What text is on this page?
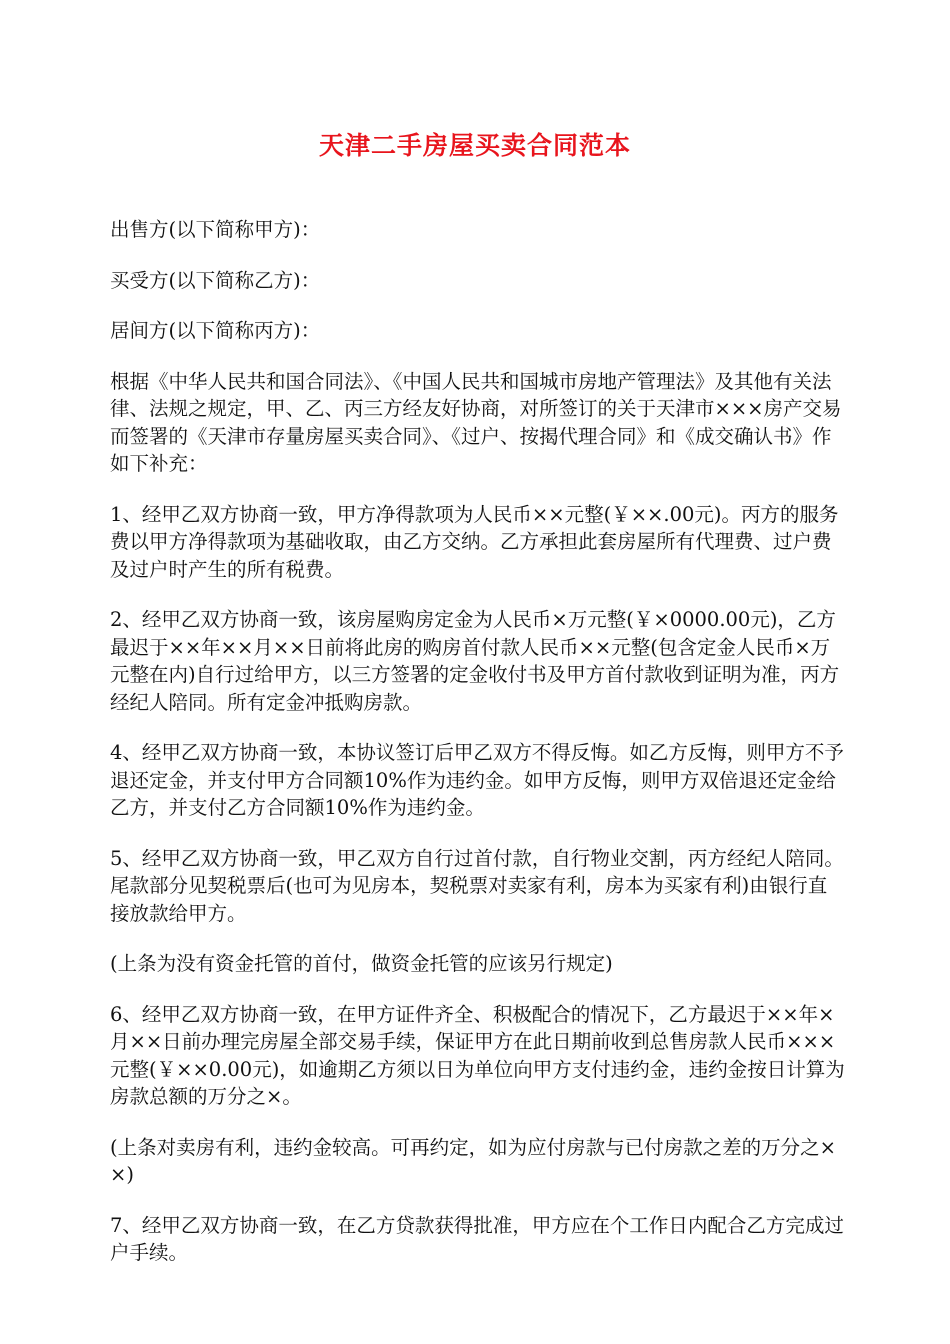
天津二手房屋买卖合同范本

出售方(以下简称甲方)：

买受方(以下简称乙方)：

居间方(以下简称丙方)：

根据《中华人民共和国合同法》、《中国人民共和国城市房地产管理法》及其他有关法律、法规之规定，甲、乙、丙三方经友好协商，对所签订的关于天津市×××房产交易而签署的《天津市存量房屋买卖合同》、《过户、按揭代理合同》和《成交确认书》作如下补充：

1、经甲乙双方协商一致，甲方净得款项为人民币××元整(￥××.00元)。丙方的服务费以甲方净得款项为基础收取，由乙方交纳。乙方承担此套房屋所有代理费、过户费及过户时产生的所有税费。

2、经甲乙双方协商一致，该房屋购房定金为人民币×万元整(￥×0000.00元)，乙方最迟于××年××月××日前将此房的购房首付款人民币××元整(包含定金人民币×万元整在内)自行过给甲方，以三方签署的定金收付书及甲方首付款收到证明为准，丙方经纪人陪同。所有定金冲抵购房款。

4、经甲乙双方协商一致，本协议签订后甲乙双方不得反悔。如乙方反悔，则甲方不予退还定金，并支付甲方合同额10%作为违约金。如甲方反悔，则甲方双倍退还定金给乙方，并支付乙方合同额10%作为违约金。

5、经甲乙双方协商一致，甲乙双方自行过首付款，自行物业交割，丙方经纪人陪同。尾款部分见契税票后(也可为见房本，契税票对卖家有利，房本为买家有利)由银行直接放款给甲方。

(上条为没有资金托管的首付，做资金托管的应该另行规定)

6、经甲乙双方协商一致，在甲方证件齐全、积极配合的情况下，乙方最迟于××年×月××日前办理完房屋全部交易手续，保证甲方在此日期前收到总售房款人民币×××元整(￥××0.00元)，如逾期乙方须以日为单位向甲方支付违约金，违约金按日计算为房款总额的万分之×。

(上条对卖房有利，违约金较高。可再约定，如为应付房款与已付房款之差的万分之××)

7、经甲乙双方协商一致，在乙方贷款获得批准，甲方应在个工作日内配合乙方完成过户手续。
